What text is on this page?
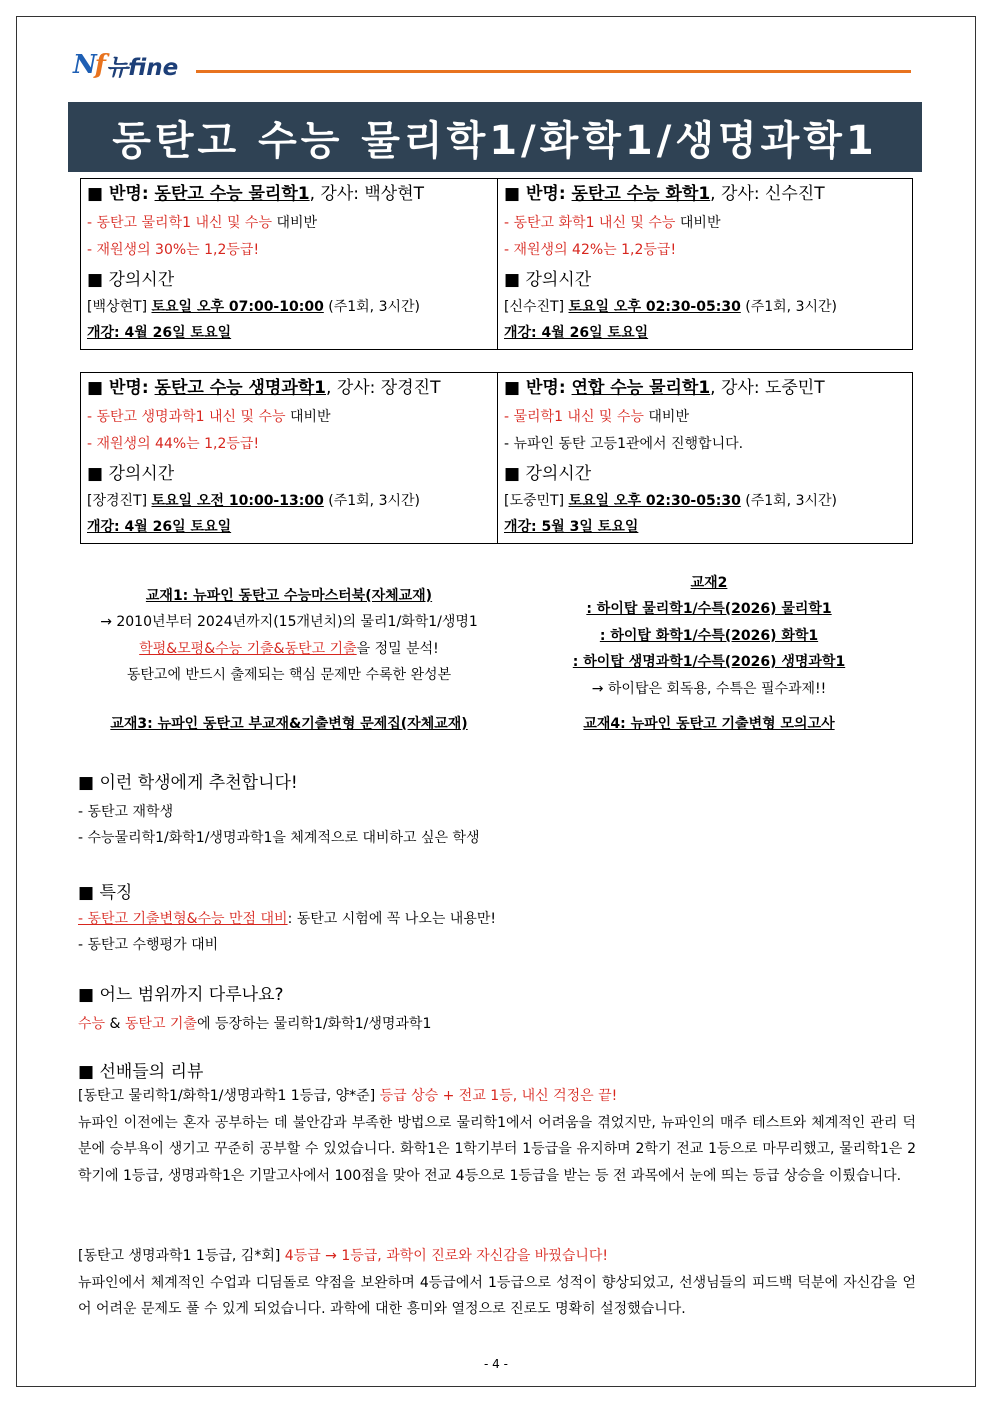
Nf 뉴fine
동탄고 수능 물리학1/화학1/생명과학1
■ 반명: 동탄고 수능 물리학1, 강사: 백상현T
- 동탄고 물리학1 내신 및 수능 대비반
- 재원생의 30%는 1,2등급!
■ 강의시간
[백상현T] 토요일 오후 07:00-10:00 (주1회, 3시간)
개강: 4월 26일 토요일
■ 반명: 동탄고 수능 화학1, 강사: 신수진T
- 동탄고 화학1 내신 및 수능 대비반
- 재원생의 42%는 1,2등급!
■ 강의시간
[신수진T] 토요일 오후 02:30-05:30 (주1회, 3시간)
개강: 4월 26일 토요일
■ 반명: 동탄고 수능 생명과학1, 강사: 장경진T
- 동탄고 생명과학1 내신 및 수능 대비반
- 재원생의 44%는 1,2등급!
■ 강의시간
[장경진T] 토요일 오전 10:00-13:00 (주1회, 3시간)
개강: 4월 26일 토요일
■ 반명: 연합 수능 물리학1, 강사: 도중민T
- 물리학1 내신 및 수능 대비반
- 뉴파인 동탄 고등1관에서 진행합니다.
■ 강의시간
[도중민T] 토요일 오후 02:30-05:30 (주1회, 3시간)
개강: 5월 3일 토요일
교재1: 뉴파인 동탄고 수능마스터북(자체교재)
→ 2010년부터 2024년까지(15개년치)의 물리1/화학1/생명1
학평&모평&수능 기출&동탄고 기출을 정밀 분석!
동탄고에 반드시 출제되는 핵심 문제만 수록한 완성본
교재2
: 하이탑 물리학1/수특(2026) 물리학1
: 하이탑 화학1/수특(2026) 화학1
: 하이탑 생명과학1/수특(2026) 생명과학1
→ 하이탑은 회독용, 수특은 필수과제!!
교재3: 뉴파인 동탄고 부교재&기출변형 문제집(자체교재)	교재4: 뉴파인 동탄고 기출변형 모의고사
■ 이런 학생에게 추천합니다!
- 동탄고 재학생
- 수능물리학1/화학1/생명과학1을 체계적으로 대비하고 싶은 학생
■ 특징
- 동탄고 기출변형&수능 만점 대비: 동탄고 시험에 꼭 나오는 내용만!
- 동탄고 수행평가 대비
■ 어느 범위까지 다루나요?
수능 & 동탄고 기출에 등장하는 물리학1/화학1/생명과학1
■ 선배들의 리뷰
[동탄고 물리학1/화학1/생명과학1 1등급, 양*준] 등급 상승 + 전교 1등, 내신 걱정은 끝!
뉴파인 이전에는 혼자 공부하는 데 불안감과 부족한 방법으로 물리학1에서 어려움을 겪었지만, 뉴파인의 매주 테스트와 체계적인 관리 덕분에 승부욕이 생기고 꾸준히 공부할 수 있었습니다. 화학1은 1학기부터 1등급을 유지하며 2학기 전교 1등으로 마무리했고, 물리학1은 2학기에 1등급, 생명과학1은 기말고사에서 100점을 맞아 전교 4등으로 1등급을 받는 등 전 과목에서 눈에 띄는 등급 상승을 이뤘습니다.
[동탄고 생명과학1 1등급, 김*회] 4등급 → 1등급, 과학이 진로와 자신감을 바꿨습니다!
뉴파인에서 체계적인 수업과 디딤돌로 약점을 보완하며 4등급에서 1등급으로 성적이 향상되었고, 선생님들의 피드백 덕분에 자신감을 얻어 어려운 문제도 풀 수 있게 되었습니다. 과학에 대한 흥미와 열정으로 진로도 명확히 설정했습니다.
- 4 -
